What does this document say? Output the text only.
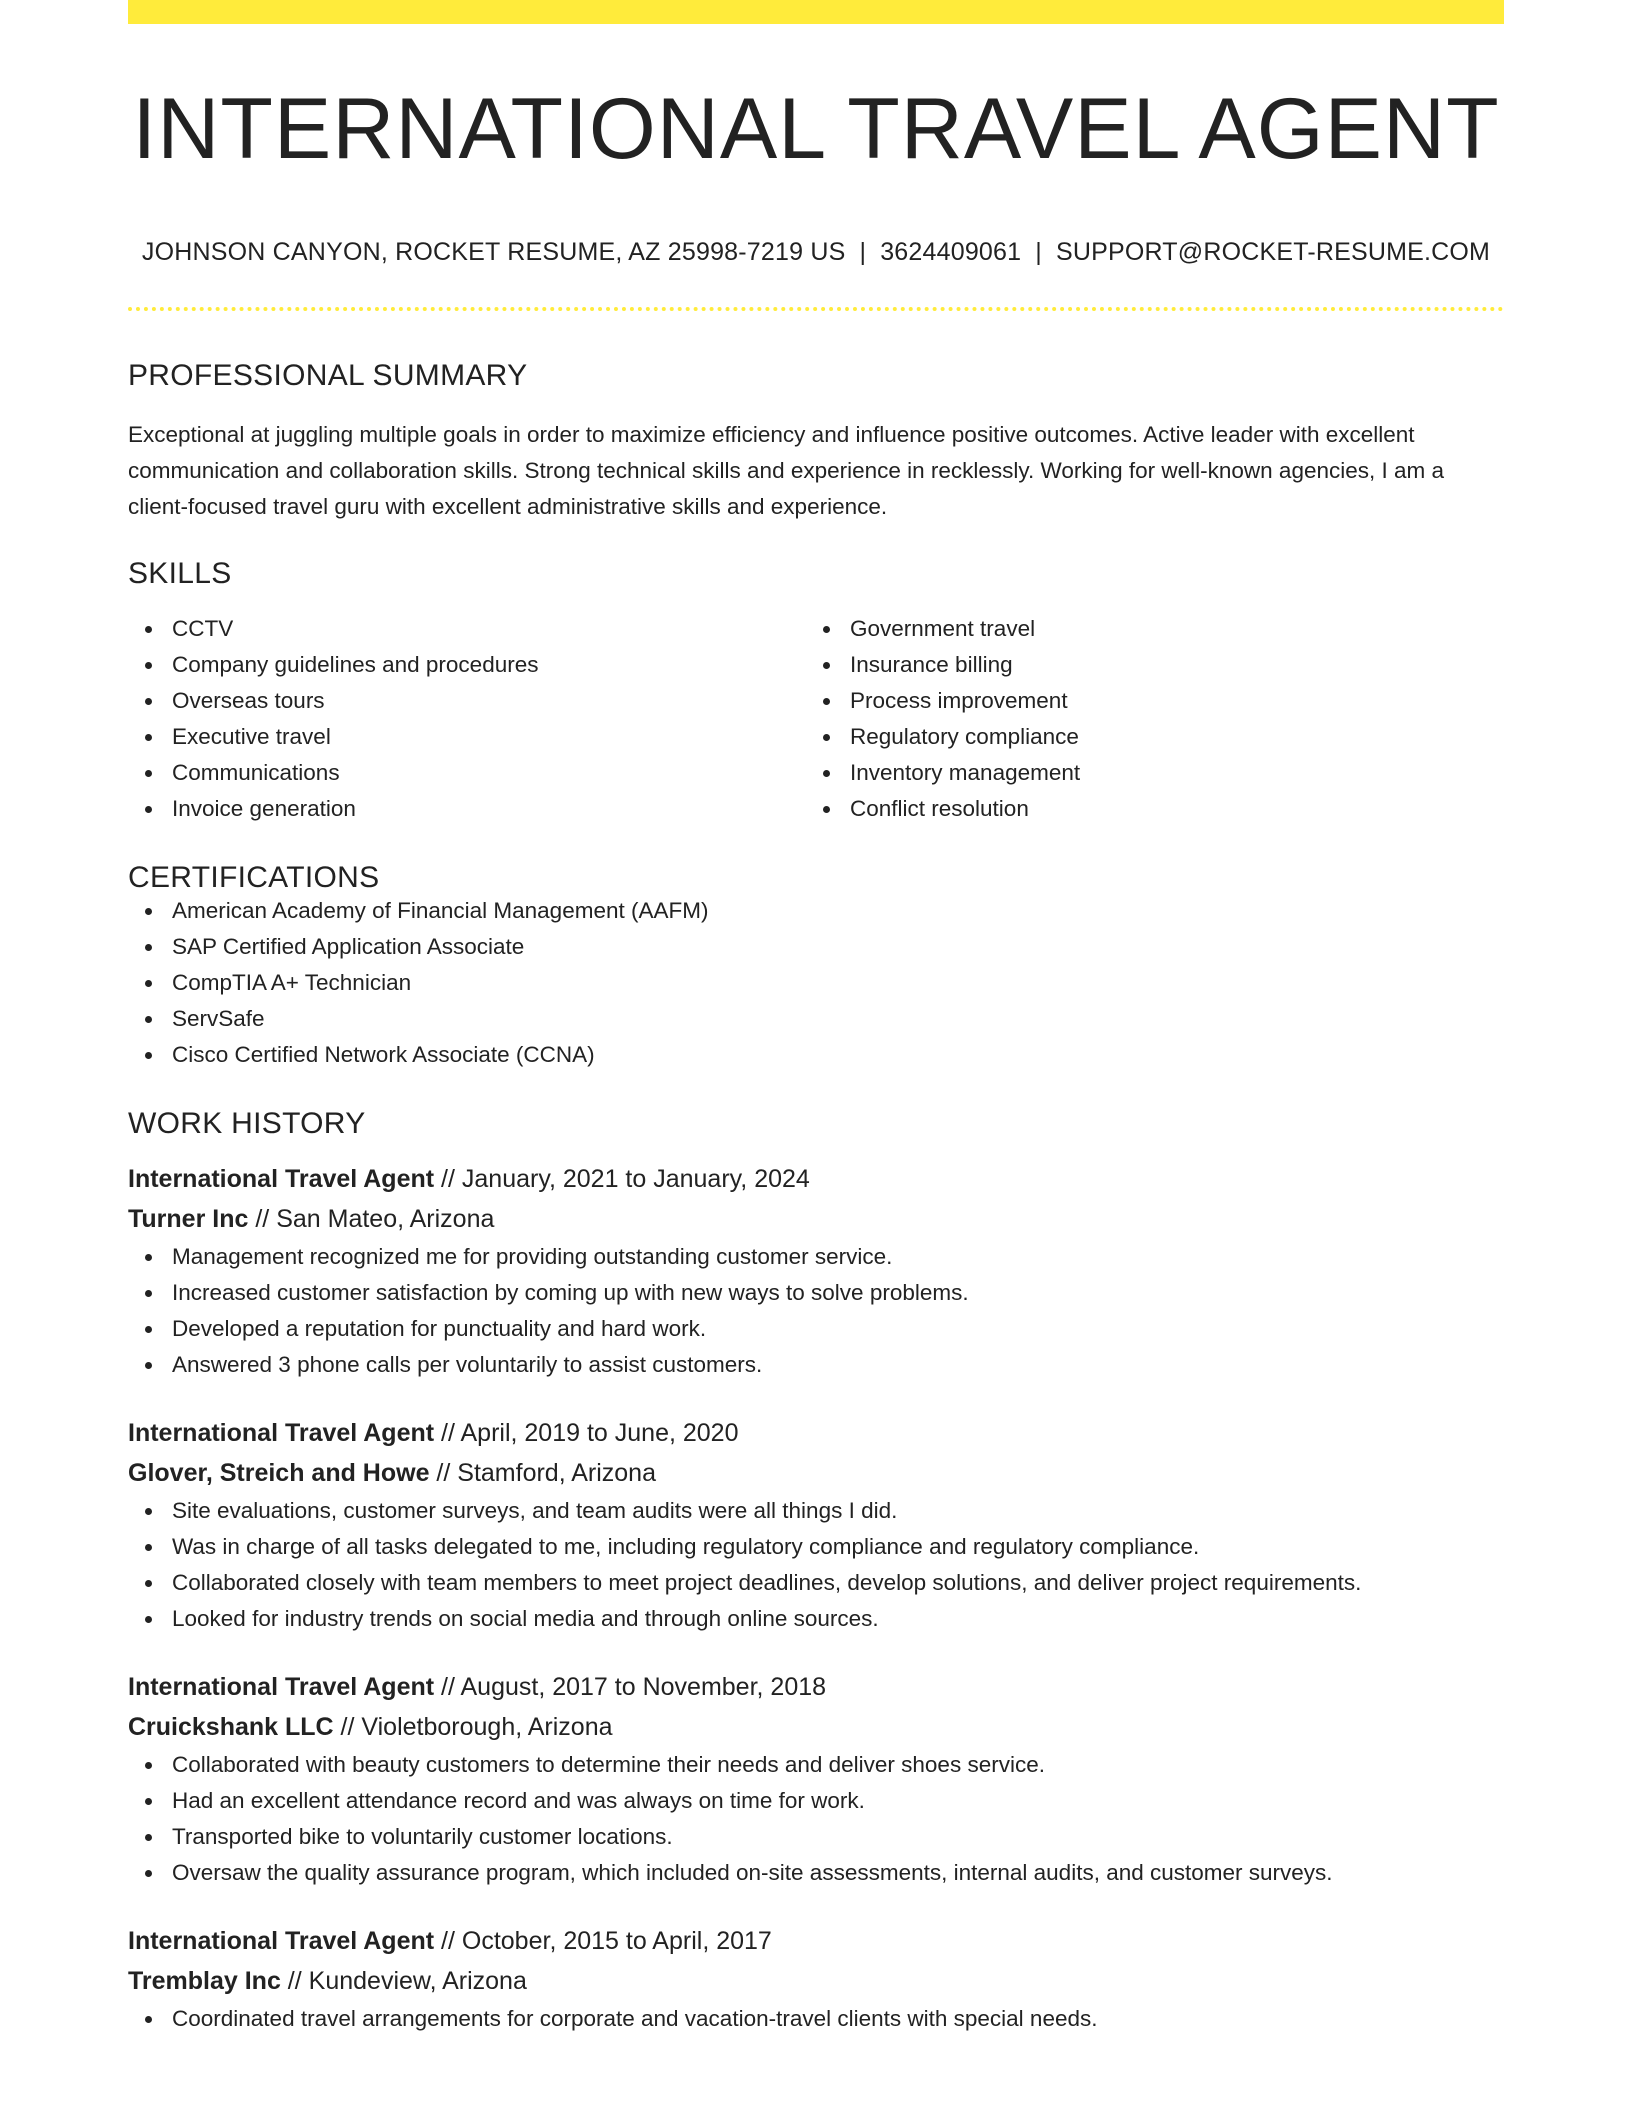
INTERNATIONAL TRAVEL AGENT
JOHNSON CANYON, ROCKET RESUME, AZ 25998-7219 US | 3624409061 | SUPPORT@ROCKET-RESUME.COM
PROFESSIONAL SUMMARY

Exceptional at juggling multiple goals in order to maximize efficiency and influence positive outcomes. Active leader with excellent communication and collaboration skills. Strong technical skills and experience in recklessly. Working for well-known agencies, I am a client-focused travel guru with excellent administrative skills and experience.

SKILLS
CCTV
Company guidelines and procedures
Overseas tours
Executive travel
Communications
Invoice generation
Government travel
Insurance billing
Process improvement
Regulatory compliance
Inventory management
Conflict resolution
CERTIFICATIONS
American Academy of Financial Management (AAFM)
SAP Certified Application Associate
CompTIA A+ Technician
ServSafe
Cisco Certified Network Associate (CCNA)
WORK HISTORY
International Travel Agent // January, 2021 to January, 2024
Turner Inc // San Mateo, Arizona
Management recognized me for providing outstanding customer service.
Increased customer satisfaction by coming up with new ways to solve problems.
Developed a reputation for punctuality and hard work.
Answered 3 phone calls per voluntarily to assist customers.
International Travel Agent // April, 2019 to June, 2020
Glover, Streich and Howe // Stamford, Arizona
Site evaluations, customer surveys, and team audits were all things I did.
Was in charge of all tasks delegated to me, including regulatory compliance and regulatory compliance.
Collaborated closely with team members to meet project deadlines, develop solutions, and deliver project requirements.
Looked for industry trends on social media and through online sources.
International Travel Agent // August, 2017 to November, 2018
Cruickshank LLC // Violetborough, Arizona
Collaborated with beauty customers to determine their needs and deliver shoes service.
Had an excellent attendance record and was always on time for work.
Transported bike to voluntarily customer locations.
Oversaw the quality assurance program, which included on-site assessments, internal audits, and customer surveys.
International Travel Agent // October, 2015 to April, 2017
Tremblay Inc // Kundeview, Arizona
Coordinated travel arrangements for corporate and vacation-travel clients with special needs.
